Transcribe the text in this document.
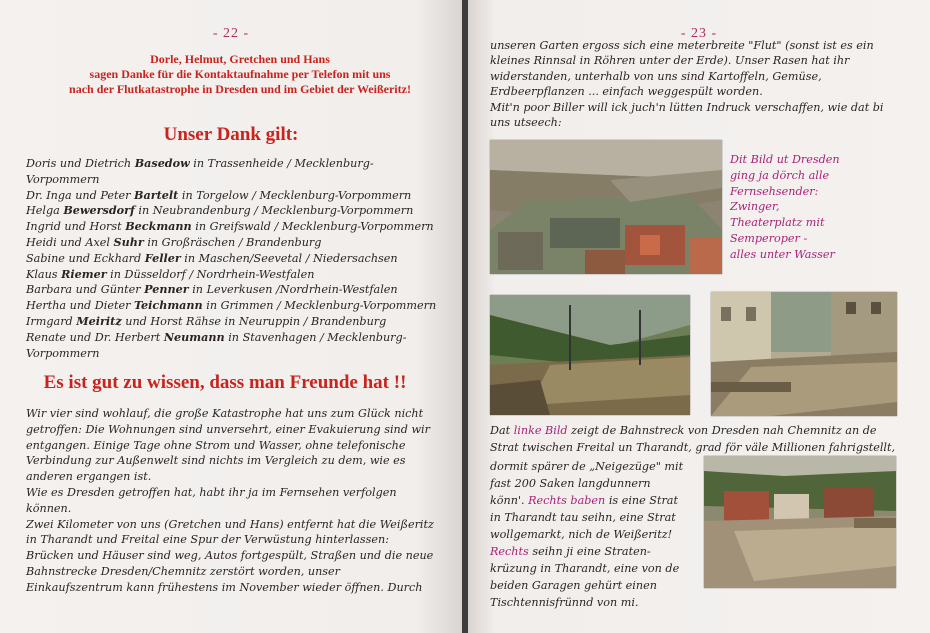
- 22 -
Dorle, Helmut, Gretchen und Hans
sagen Danke für die Kontaktaufnahme per Telefon mit uns
nach der Flutkatastrophe in Dresden und im Gebiet der Weißeritz!
Unser Dank gilt:
Doris und Dietrich Basedow in Trassenheide / Mecklenburg-
Vorpommern
Dr. Inga und Peter Bartelt in Torgelow / Mecklenburg-Vorpommern
Helga Bewersdorf in Neubrandenburg / Mecklenburg-Vorpommern
Ingrid und Horst Beckmann in Greifswald / Mecklenburg-Vorpommern
Heidi und Axel Suhr in Großräschen / Brandenburg
Sabine und Eckhard Feller in Maschen/Seevetal / Niedersachsen
Klaus Riemer in Düsseldorf / Nordrhein-Westfalen
Barbara und Günter Penner in Leverkusen /Nordrhein-Westfalen
Hertha und Dieter Teichmann in Grimmen / Mecklenburg-Vorpommern
Irmgard Meiritz und Horst Rähse in Neuruppin / Brandenburg
Renate und Dr. Herbert Neumann in Stavenhagen / Mecklenburg-
Vorpommern
Es ist gut zu wissen, dass man Freunde hat !!
Wir vier sind wohlauf, die große Katastrophe hat uns zum Glück nicht
getroffen: Die Wohnungen sind unversehrt, einer Evakuierung sind wir
entgangen. Einige Tage ohne Strom und Wasser, ohne telefonische
Verbindung zur Außenwelt sind nichts im Vergleich zu dem, wie es
anderen ergangen ist.
Wie es Dresden getroffen hat, habt ihr ja im Fernsehen verfolgen
können.
Zwei Kilometer von uns (Gretchen und Hans) entfernt hat die Weißeritz
in Tharandt und Freital eine Spur der Verwüstung hinterlassen:
Brücken und Häuser sind weg, Autos fortgespült, Straßen und die neue
Bahnstrecke Dresden/Chemnitz zerstört worden, unser
Einkaufszentrum kann frühestens im November wieder öffnen. Durch
- 23 -
unseren Garten ergoss sich eine meterbreite "Flut" (sonst ist es ein
kleines Rinnsal in Röhren unter der Erde). Unser Rasen hat ihr
widerstanden, unterhalb von uns sind Kartoffeln, Gemüse,
Erdbeerpflanzen ... einfach weggespült worden.
Mit'n poor Biller will ick juch'n lütten Indruck verschaffen, wie dat bi
uns utseech:
Dit Bild ut Dresden
ging ja dörch alle
Fernsehsender:
Zwinger,
Theaterplatz mit
Semperoper -
alles unter Wasser
Dat linke Bild zeigt de Bahnstreck von Dresden nah Chemnitz an de
Strat twischen Freital un Tharandt, grad för väle Millionen fahrigstellt,
dormit spärer de „Neigezüge" mit
fast 200 Saken langdunnern
könn'. Rechts baben is eine Strat
in Tharandt tau seihn, eine Strat
wollgemarkt, nich de Weißeritz!
Rechts seihn ji eine Straten-
krüzung in Tharandt, eine von de
beiden Garagen gehürt einen
Tischtennisfrünnd von mi.
